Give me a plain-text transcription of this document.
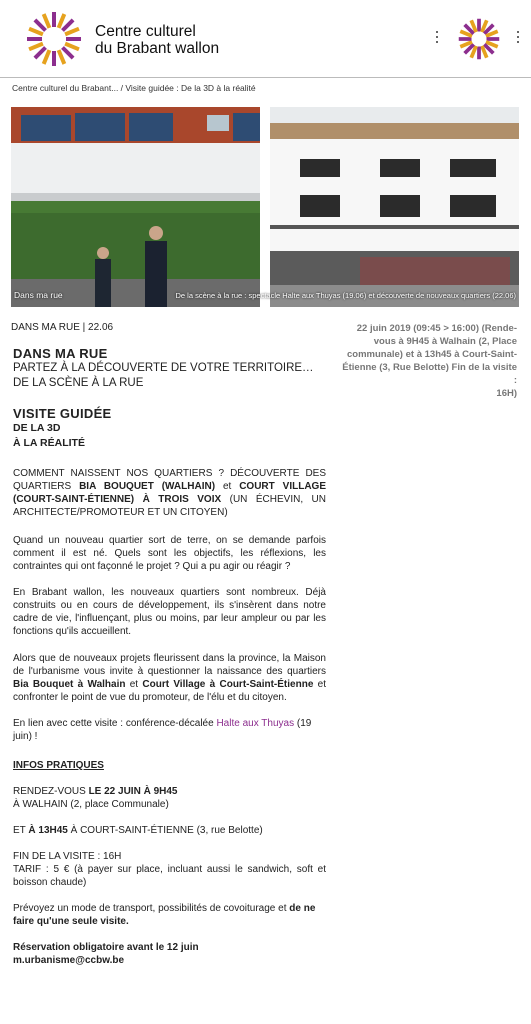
Centre culturel
du Brabant wallon
Centre culturel du Brabant... / Visite guidée : De la 3D à la réalité
Dans ma rue	De la scène à la rue : spectacle Halte aux Thuyas (19.06) et découverte de nouveaux quartiers (22.06)
DANS MA RUE | 22.06	22 juin 2019 (09:45 > 16:00) (Rende-
vous à 9H45 à Walhain (2, Place
communale) et à 13h45 à Court-Saint-
Étienne (3, Rue Belotte) Fin de la visite :
16H)
DANS MA RUE
PARTEZ À LA DÉCOUVERTE DE VOTRE TERRITOIRE…
DE LA SCÈNE À LA RUE
VISITE GUIDÉE
DE LA 3D
À LA RÉALITÉ

COMMENT NAISSENT NOS QUARTIERS ? DÉCOUVERTE DES QUARTIERS BIA BOUQUET (WALHAIN) et COURT VILLAGE (COURT-SAINT-ÉTIENNE) À TROIS VOIX (UN ÉCHEVIN, UN ARCHITECTE/PROMOTEUR ET UN CITOYEN)

Quand un nouveau quartier sort de terre, on se demande parfois comment il est né. Quels sont les objectifs, les réflexions, les contraintes qui ont façonné le projet ? Qui a pu agir ou réagir ?

En Brabant wallon, les nouveaux quartiers sont nombreux. Déjà construits ou en cours de développement, ils s'insèrent dans notre cadre de vie, l'influençant, plus ou moins, par leur ampleur ou par les fonctions qu'ils accueillent.

Alors que de nouveaux projets fleurissent dans la province, la Maison de l'urbanisme vous invite à questionner la naissance des quartiers Bia Bouquet à Walhain et Court Village à Court-Saint-Étienne et confronter le point de vue du promoteur, de l'élu et du citoyen.

En lien avec cette visite : conférence-décalée Halte aux Thuyas (19 juin) !

INFOS PRATIQUES

RENDEZ-VOUS LE 22 JUIN À 9H45

À WALHAIN (2, place Communale)

ET À 13H45 À COURT-SAINT-ÉTIENNE (3, rue Belotte)

FIN DE LA VISITE : 16H

TARIF : 5 € (à payer sur place, incluant aussi le sandwich, soft et boisson chaude)

Prévoyez un mode de transport, possibilités de covoiturage et de ne faire qu'une seule visite.

Réservation obligatoire avant le 12 juin

m.urbanisme@ccbw.be
